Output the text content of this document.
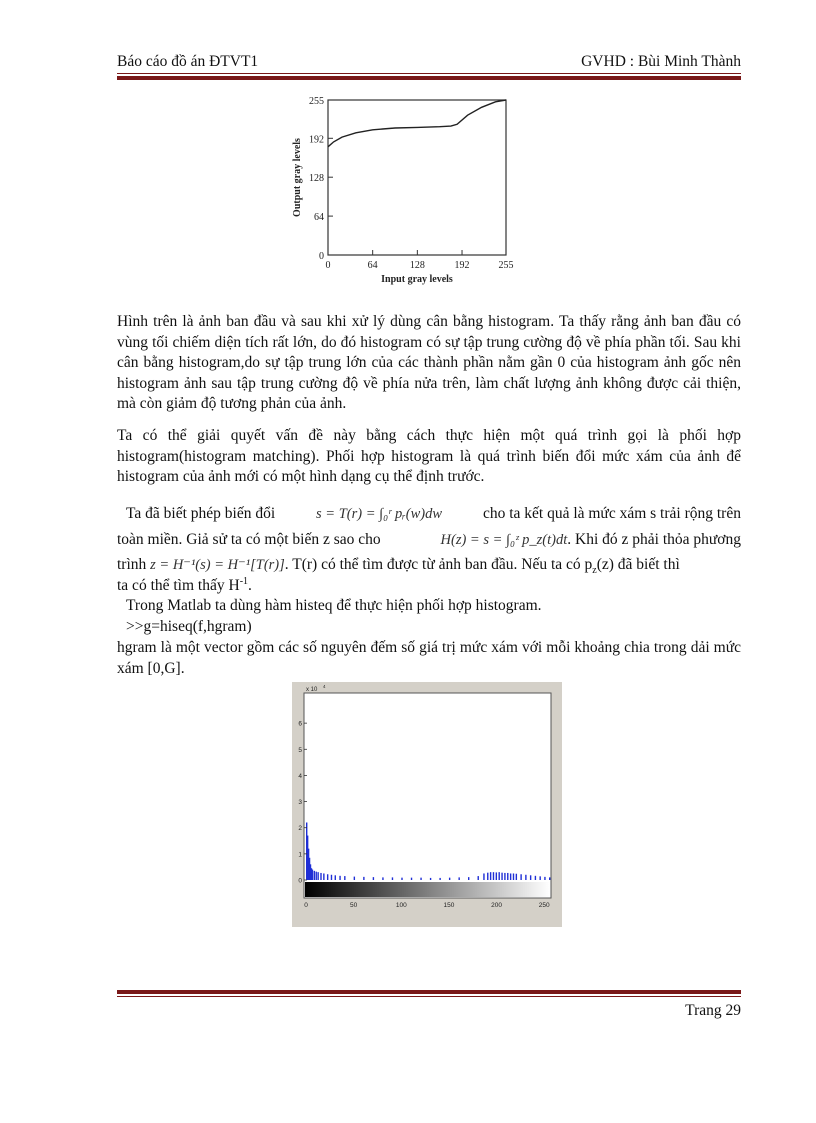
Báo cáo đồ án ĐTVT1	GVHD : Bùi Minh Thành
0	64	128	192	255
0
64
128
192
255
Input gray levels
Output gray levels
Hình trên là ảnh ban đầu và sau khi xử lý dùng cân bằng histogram. Ta thấy rằng ảnh ban đầu có vùng tối chiếm diện tích rất lớn, do đó histogram có sự tập trung cường độ về phía phần tối. Sau khi cân bằng histogram,do sự tập trung lớn của các thành phần nằm gần 0 của histogram ảnh gốc nên histogram ảnh sau tập trung cường độ về phía nửa trên, làm chất lượng ảnh không được cải thiện, mà còn giảm độ tương phản của ảnh.
Ta có thể giải quyết vấn đề này bằng cách thực hiện một quá trình gọi là phối hợp histogram(histogram matching). Phối hợp histogram là quá trình biến đổi mức xám của ảnh để histogram của ảnh mới có một hình dạng cụ thể định trước.
Ta đã biết phép biến đổi	s = T(r) = ∫₀ʳ pᵣ(w)dw	cho ta kết quả là mức xám s trải rộng trên
toàn miền. Giả sử ta có một biến z sao cho	H(z) = s = ∫₀ᶻ p_z(t)dt. Khi đó z phải thỏa phương
trình z = H⁻¹(s) = H⁻¹[T(r)]. T(r) có thể tìm được từ ảnh ban đầu. Nếu ta có $p_z(z)$ đã biết thì
ta có thể tìm thấy $H^{-1}$.
Trong Matlab ta dùng hàm histeq để thực hiện phối hợp histogram.
>>g=hiseq(f,hgram)
hgram là một vector gồm các số nguyên đếm số giá trị mức xám với mỗi khoảng chia trong dải mức xám [0,G].
0
1
2
3
4
5
6
0	50	100	150	200	250
x 10
4
Trang 29
